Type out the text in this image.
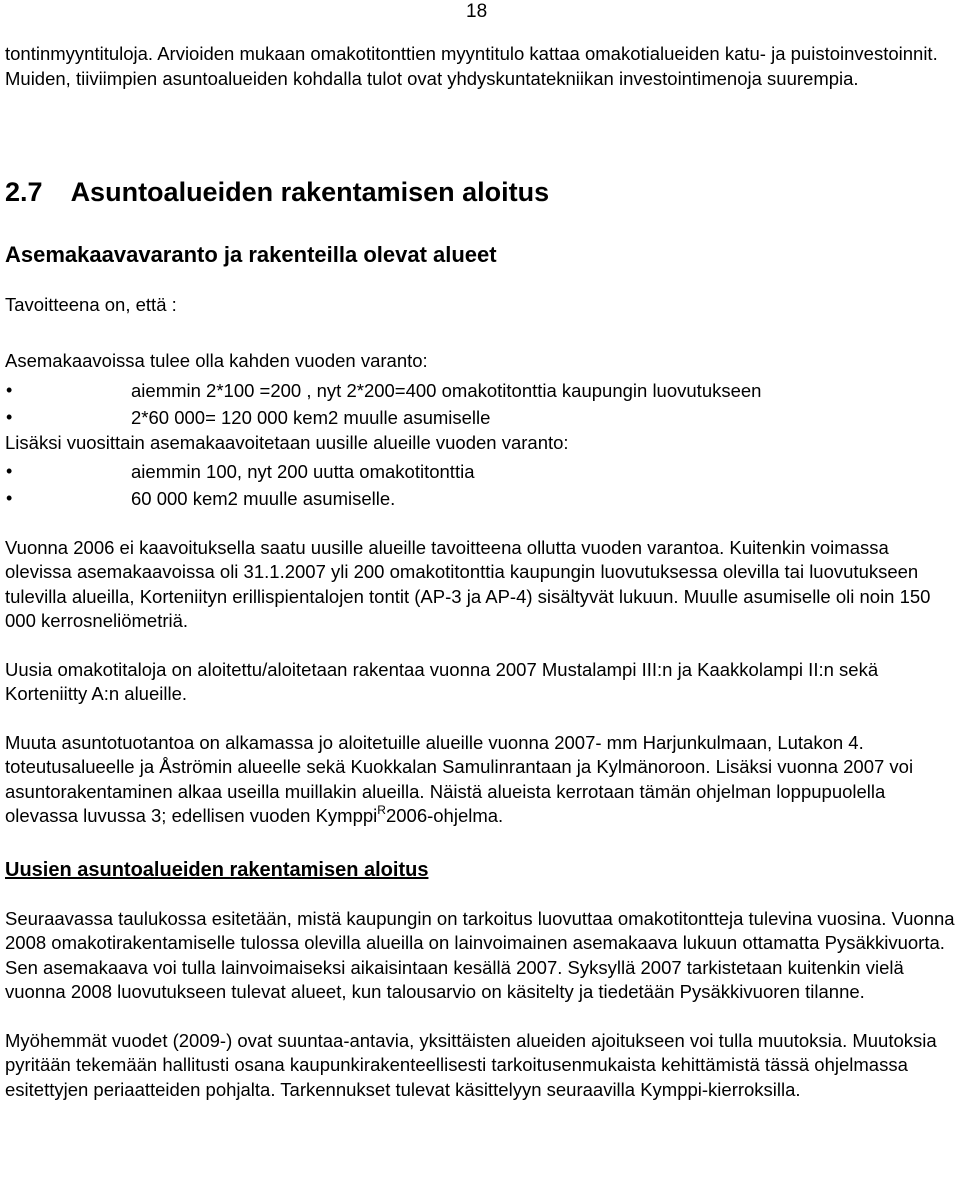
18

tontinmyyntituloja. Arvioiden mukaan omakotitonttien myyntitulo kattaa omakotialueiden katu- ja puistoinvestoinnit. Muiden, tiiviimpien asuntoalueiden kohdalla tulot ovat yhdyskuntatekniikan investointimenoja suurempia.

2.7 Asuntoalueiden rakentamisen aloitus
Asemakaavavaranto ja rakenteilla olevat alueet

Tavoitteena on, että :

Asemakaavoissa tulee olla kahden vuoden varanto:

•	aiemmin 2*100 =200 , nyt 2*200=400 omakotitonttia kaupungin luovutukseen
•	2*60 000= 120 000 kem2 muulle asumiselle

Lisäksi vuosittain asemakaavoitetaan uusille alueille vuoden varanto:

•	aiemmin 100, nyt 200 uutta omakotitonttia
•	60 000 kem2 muulle asumiselle.

Vuonna 2006 ei kaavoituksella saatu uusille alueille tavoitteena ollutta vuoden varantoa. Kuitenkin voimassa olevissa asemakaavoissa oli 31.1.2007 yli 200 omakotitonttia kaupungin luovutuksessa olevilla tai luovutukseen tulevilla alueilla, Korteniityn erillispientalojen tontit (AP-3 ja AP-4) sisältyvät lukuun. Muulle asumiselle oli noin 150 000 kerrosneliömetriä.

Uusia omakotitaloja on aloitettu/aloitetaan rakentaa vuonna 2007 Mustalampi III:n ja Kaakkolampi II:n sekä Korteniitty A:n alueille.

Muuta asuntotuotantoa on alkamassa jo aloitetuille alueille vuonna 2007- mm Harjunkulmaan, Lutakon 4. toteutusalueelle ja Åströmin alueelle sekä Kuokkalan Samulinrantaan ja Kylmänoroon. Lisäksi vuonna 2007 voi asuntorakentaminen alkaa useilla muillakin alueilla. Näistä alueista kerrotaan tämän ohjelman loppupuolella olevassa luvussa 3; edellisen vuoden Kymppi$^R$2006-ohjelma.

Uusien asuntoalueiden rakentamisen aloitus

Seuraavassa taulukossa esitetään, mistä kaupungin on tarkoitus luovuttaa omakotitontteja tulevina vuosina. Vuonna 2008 omakotirakentamiselle tulossa olevilla alueilla on lainvoimainen asemakaava lukuun ottamatta Pysäkkivuorta. Sen asemakaava voi tulla lainvoimaiseksi aikaisintaan kesällä 2007. Syksyllä 2007 tarkistetaan kuitenkin vielä vuonna 2008 luovutukseen tulevat alueet, kun talousarvio on käsitelty ja tiedetään Pysäkkivuoren tilanne.

Myöhemmät vuodet (2009-) ovat suuntaa-antavia, yksittäisten alueiden ajoitukseen voi tulla muutoksia. Muutoksia pyritään tekemään hallitusti osana kaupunkirakenteellisesti tarkoitusenmukaista kehittämistä tässä ohjelmassa esitettyjen periaatteiden pohjalta. Tarkennukset tulevat käsittelyyn seuraavilla Kymppi-kierroksilla.
